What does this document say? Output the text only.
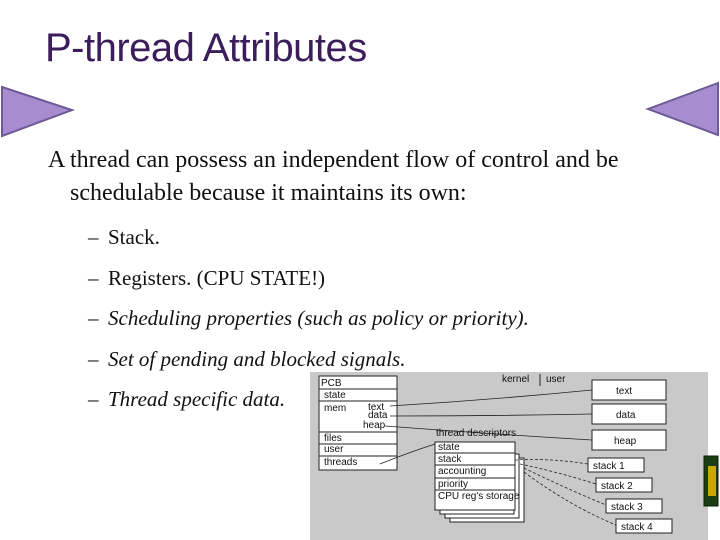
P-thread Attributes

A thread can possess an independent flow of control and be schedulable because it maintains its own:

– Stack.
– Registers. (CPU STATE!)
– Scheduling properties (such as policy or priority).
– Set of pending and blocked signals.
– Thread specific data.
kernel user
PCB
state
mem text
data
heap
files
user
threads
text
data
heap
thread descriptors
state
stack
accounting
priority
CPU reg's storage
stack 1
stack 2
stack 3
stack 4
